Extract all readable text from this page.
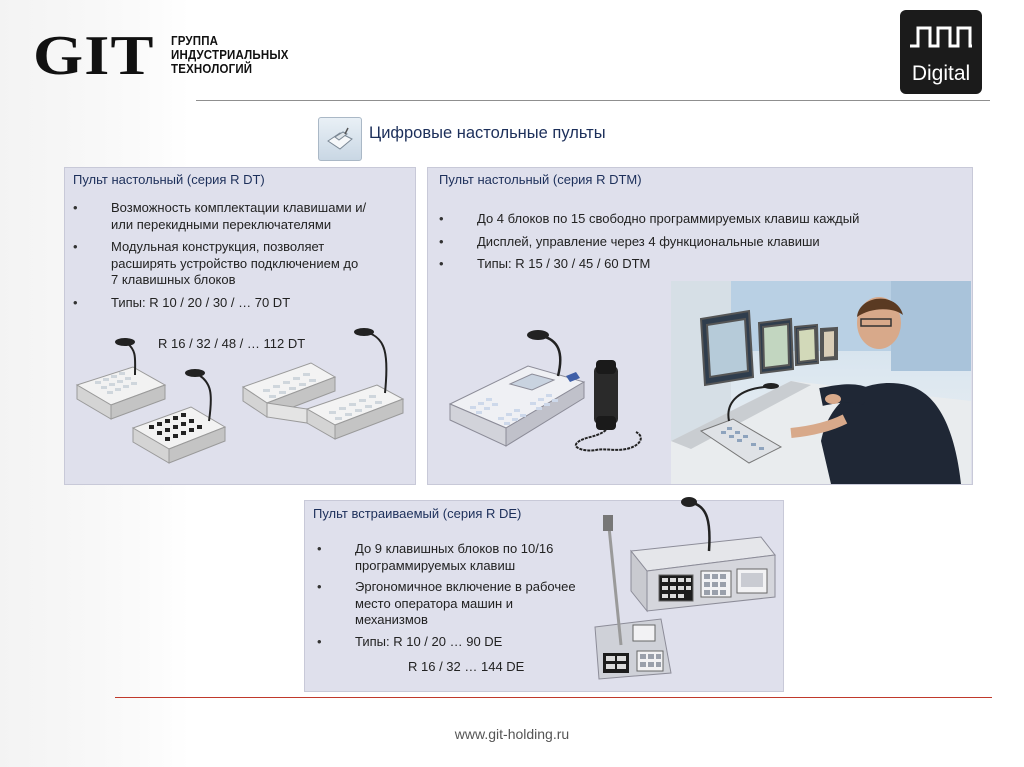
GIT ГРУППА
ИНДУСТРИАЛЬНЫХ
ТЕХНОЛОГИЙ	Digital
Цифровые настольные пульты
Пульт настольный (серия R DT)
•	Возможность комплектации клавишами и/или перекидными переключателями
•	Модульная конструкция, позволяет расширять устройство подключением до 7 клавишных блоков
•	Типы: R 10 / 20 / 30 / … 70 DT
R 16 / 32 / 48 / … 112 DT
Пульт настольный (серия R DTM)
•	До 4 блоков по 15 свободно программируемых клавиш каждый
•	Дисплей, управление через 4 функциональные клавиши
•	Типы: R 15 / 30 / 45 / 60 DTM
Пульт встраиваемый (серия R DE)
•	До 9 клавишных блоков по 10/16 программируемых клавиш
•	Эргономичное включение в рабочее место оператора машин и механизмов
•	Типы: R 10 / 20 … 90 DE
R 16 / 32 … 144 DE
www.git-holding.ru
